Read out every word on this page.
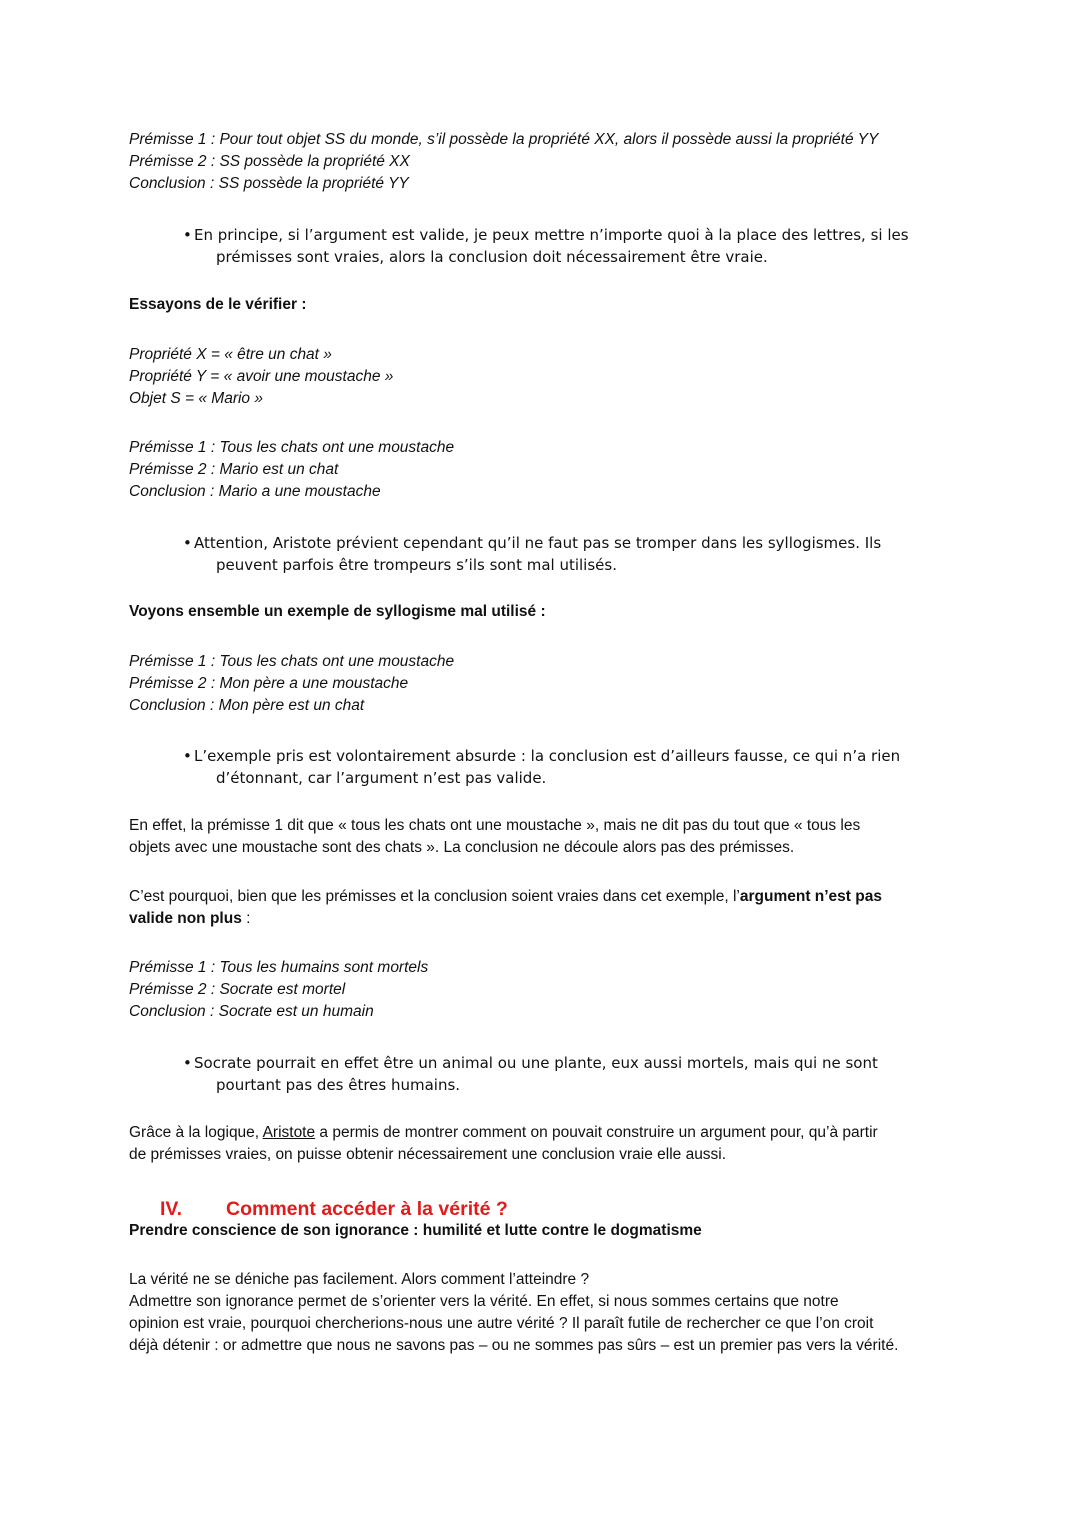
Prémisse 1 : Pour tout objet SS du monde, s’il possède la propriété XX, alors il possède aussi la propriété YY
Prémisse 2 : SS possède la propriété XX
Conclusion : SS possède la propriété YY
• En principe, si l’argument est valide, je peux mettre n’importe quoi à la place des lettres, si les
prémisses sont vraies, alors la conclusion doit nécessairement être vraie.
Essayons de le vérifier :
Propriété X = « être un chat »
Propriété Y = « avoir une moustache »
Objet S = « Mario »
Prémisse 1 : Tous les chats ont une moustache
Prémisse 2 : Mario est un chat
Conclusion : Mario a une moustache
• Attention, Aristote prévient cependant qu’il ne faut pas se tromper dans les syllogismes. Ils
peuvent parfois être trompeurs s’ils sont mal utilisés.
Voyons ensemble un exemple de syllogisme mal utilisé :
Prémisse 1 : Tous les chats ont une moustache
Prémisse 2 : Mon père a une moustache
Conclusion : Mon père est un chat
• L’exemple pris est volontairement absurde : la conclusion est d’ailleurs fausse, ce qui n’a rien
d’étonnant, car l’argument n’est pas valide.
En effet, la prémisse 1 dit que « tous les chats ont une moustache », mais ne dit pas du tout que « tous les
objets avec une moustache sont des chats ». La conclusion ne découle alors pas des prémisses.
C’est pourquoi, bien que les prémisses et la conclusion soient vraies dans cet exemple, l’argument n’est pas
valide non plus :
Prémisse 1 : Tous les humains sont mortels
Prémisse 2 : Socrate est mortel
Conclusion : Socrate est un humain
• Socrate pourrait en effet être un animal ou une plante, eux aussi mortels, mais qui ne sont
pourtant pas des êtres humains.
Grâce à la logique, Aristote a permis de montrer comment on pouvait construire un argument pour, qu’à partir
de prémisses vraies, on puisse obtenir nécessairement une conclusion vraie elle aussi.
IV. Comment accéder à la vérité ?
Prendre conscience de son ignorance : humilité et lutte contre le dogmatisme
La vérité ne se déniche pas facilement. Alors comment l’atteindre ?
Admettre son ignorance permet de s’orienter vers la vérité. En effet, si nous sommes certains que notre
opinion est vraie, pourquoi chercherions-nous une autre vérité ? Il paraît futile de rechercher ce que l’on croit
déjà détenir : or admettre que nous ne savons pas – ou ne sommes pas sûrs – est un premier pas vers la vérité.
